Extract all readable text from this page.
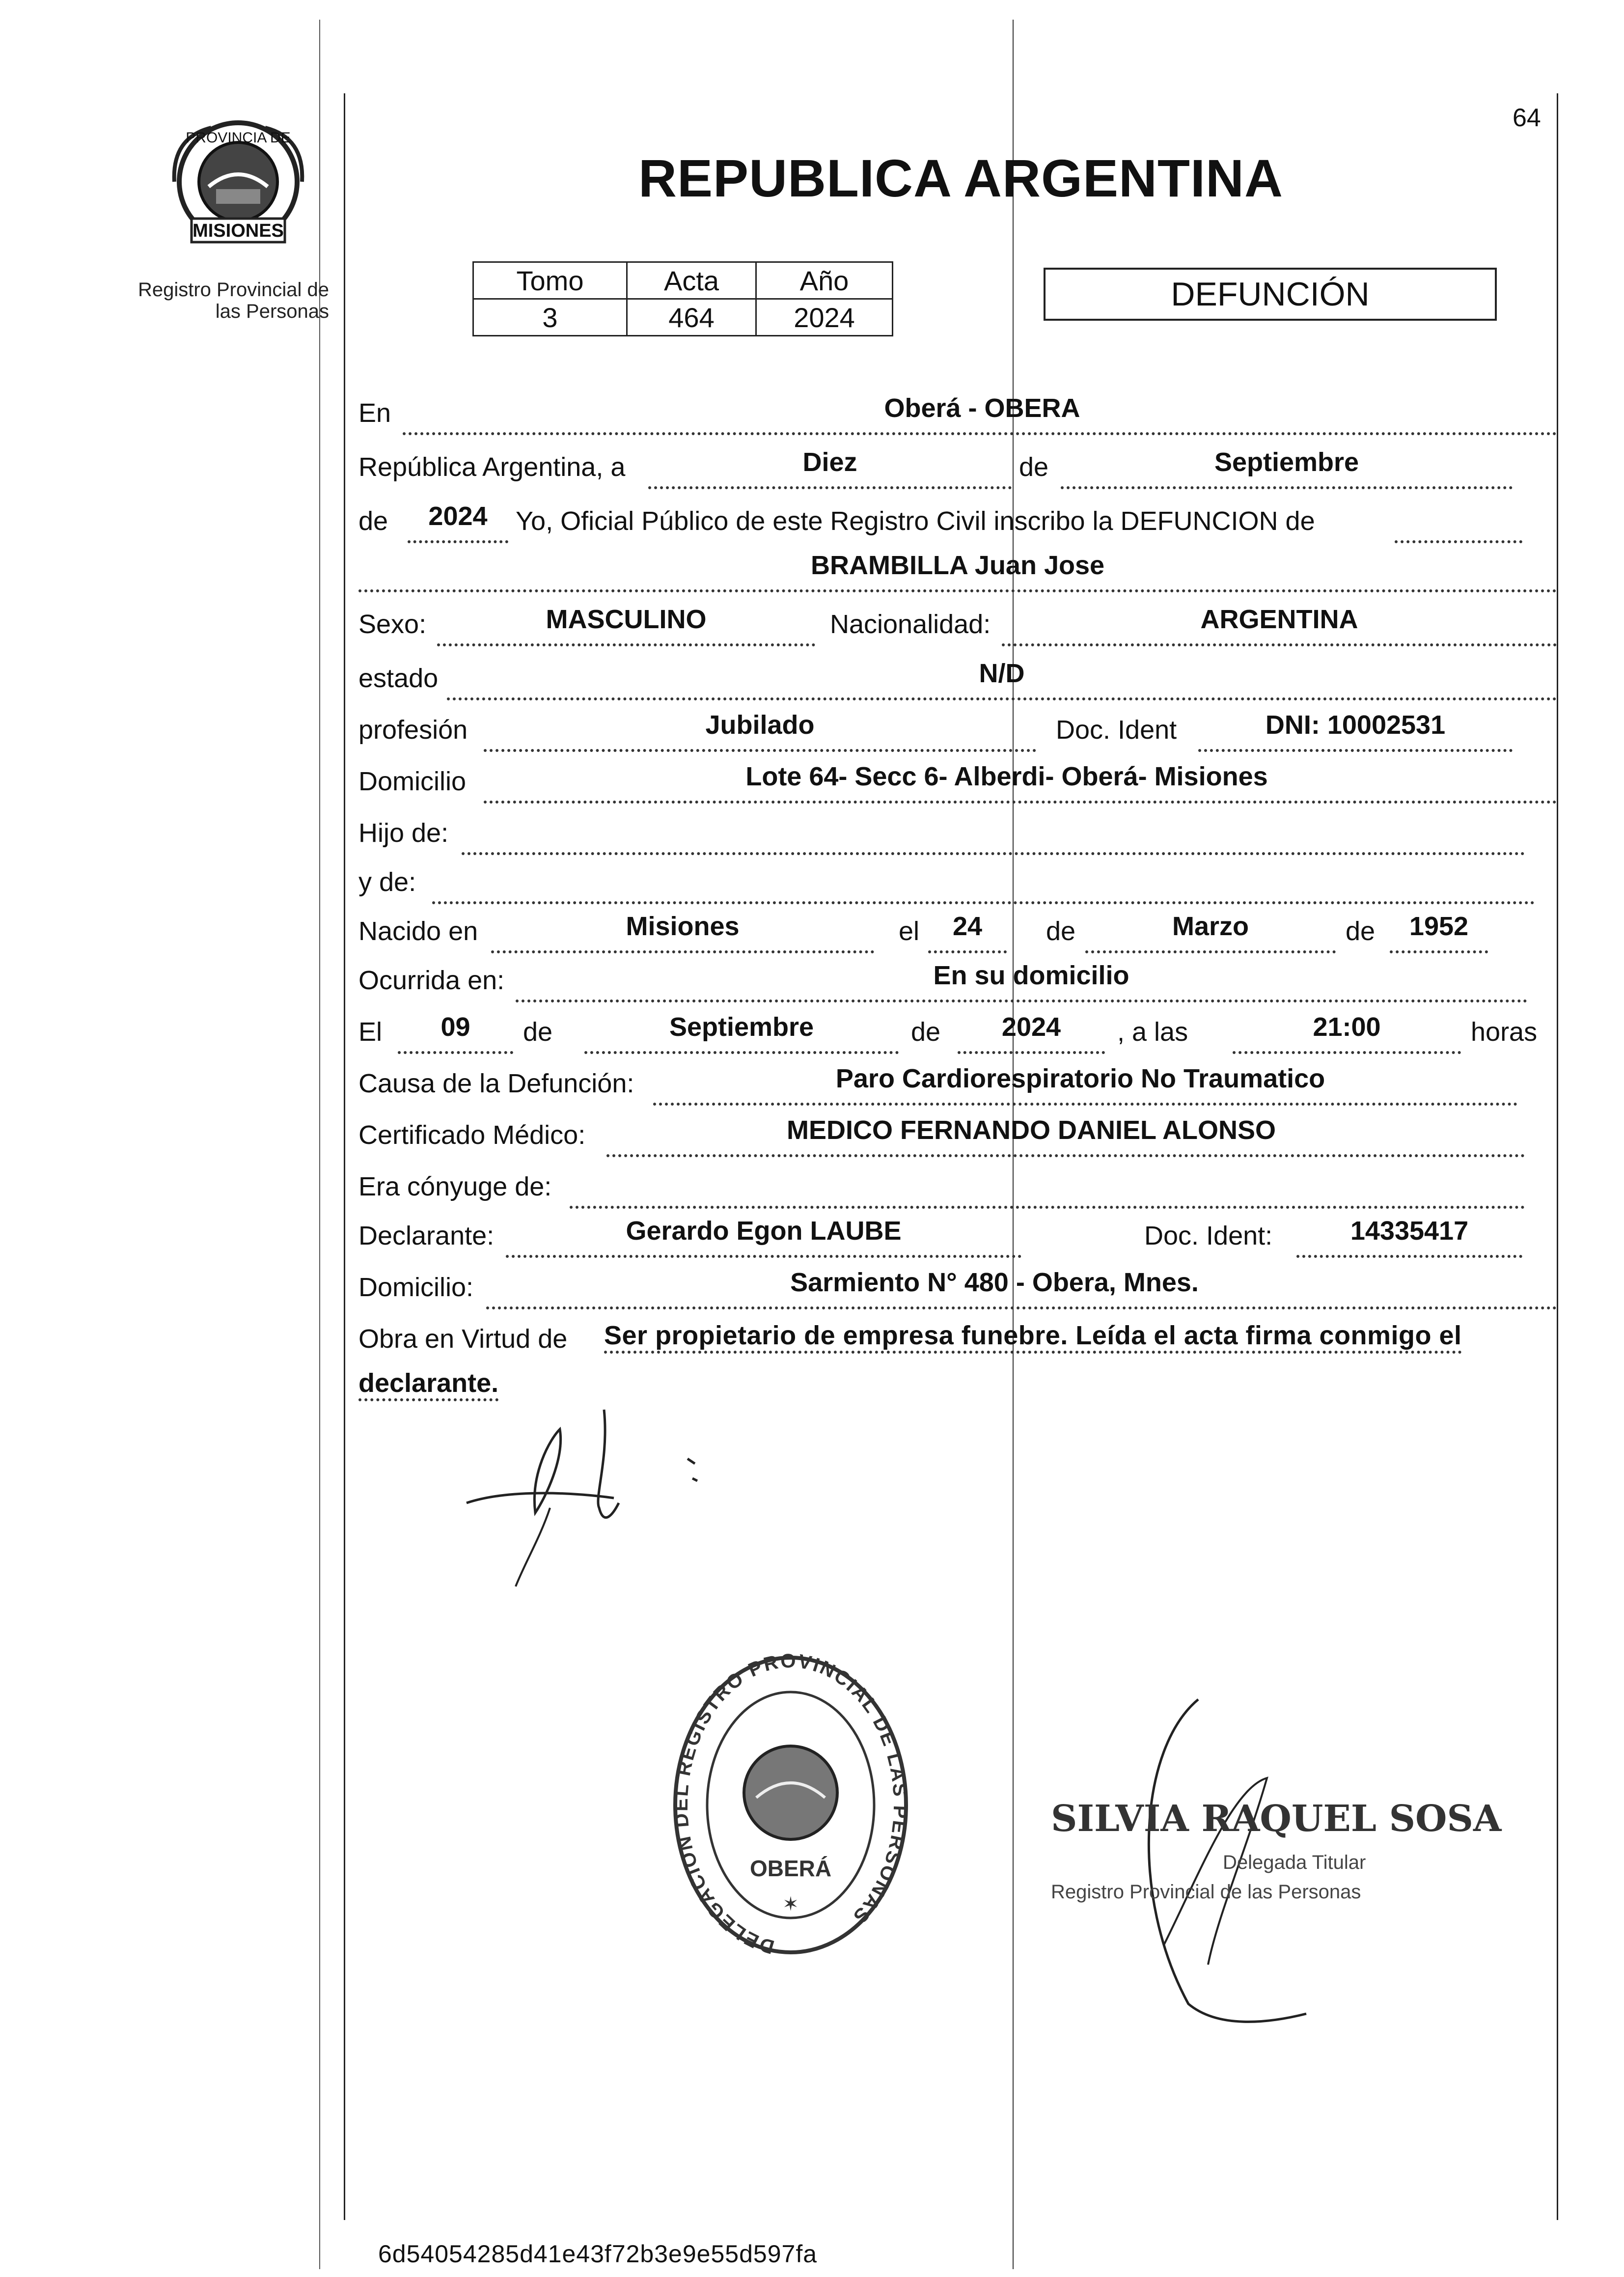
PROVINCIA DE
MISIONES
Registro Provincial de
las Personas
64
REPUBLICA ARGENTINA
Tomo	Acta	Año
3	464	2024
DEFUNCIÓN
En	Oberá - OBERA
República Argentina, a	Diez	de	Septiembre
de	2024	Yo, Oficial Público de este Registro Civil inscribo la DEFUNCION de
BRAMBILLA Juan Jose
Sexo:	MASCULINO	Nacionalidad:	ARGENTINA
estado	N/D
profesión	Jubilado	Doc. Ident	DNI: 10002531
Domicilio	Lote 64- Secc 6- Alberdi- Oberá- Misiones
Hijo de:
y de:
Nacido en	Misiones	el	24	de	Marzo	de	1952
Ocurrida en:	En su domicilio
El	09	de	Septiembre	de	2024	, a las	21:00	horas
Causa de la Defunción:	Paro Cardiorespiratorio No Traumatico
Certificado Médico:	MEDICO FERNANDO DANIEL ALONSO
Era cónyuge de:
Declarante:	Gerardo Egon LAUBE	Doc. Ident:	14335417
Domicilio:	Sarmiento N° 480 - Obera, Mnes.
Obra en Virtud de Ser propietario de empresa funebre. Leída el acta firma conmigo el
declarante.
DELEGACION DEL REGISTRO PROVINCIAL DE LAS PERSONAS
OBERÁ
✶
SILVIA RAQUEL SOSA
Delegada Titular
Registro Provincial de las Personas
6d54054285d41e43f72b3e9e55d597fa
